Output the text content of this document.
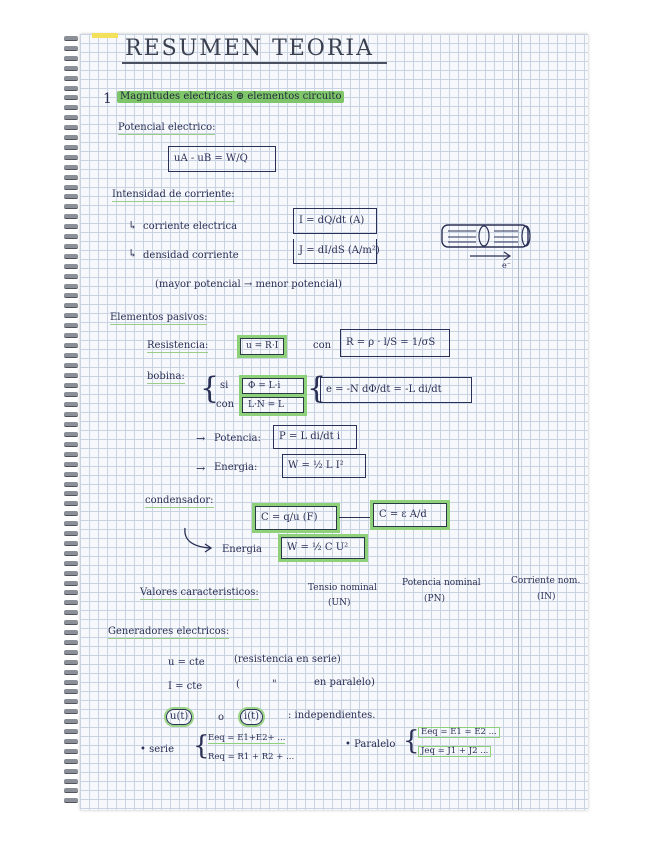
RESUMEN TEORIA
1 Magnitudes electricas ⊕ elementos circuito
Potencial electrico:
uA - uB = W/Q
Intensidad de corriente:
↳ corriente electrica
↳ densidad corriente
I = dQ/dt (A)
J = dI/dS (A/m²)
(mayor potencial → menor potencial)
e⁻
Elementos pasivos:
Resistencia:	u = R·I	con	R = ρ · l/S = 1/σS
bobina: { si	Φ = L·i
con	L·N = L { e = -N dΦ/dt = -L di/dt
→ Potencia:	P = L di/dt i
→ Energia:	W = ½ L I²
condensador:
C = q/u (F)	C = ε A/d
Energia	W = ½ C U²
Valores caracteristicos:	Tensio nominal
(UN)
Potencia nominal
(PN)
Corriente nom.
(IN)
Generadores electricos:
u = cte	(resistencia en serie)
I = cte	(	"	en paralelo)
u(t)	o	i(t)	: independientes.
• serie {
Eeq = E1+E2+ ...
Req = R1 + R2 + ...
• Paralelo { Eeq = E1 = E2 ...
Jeq = J1 + J2 ...
